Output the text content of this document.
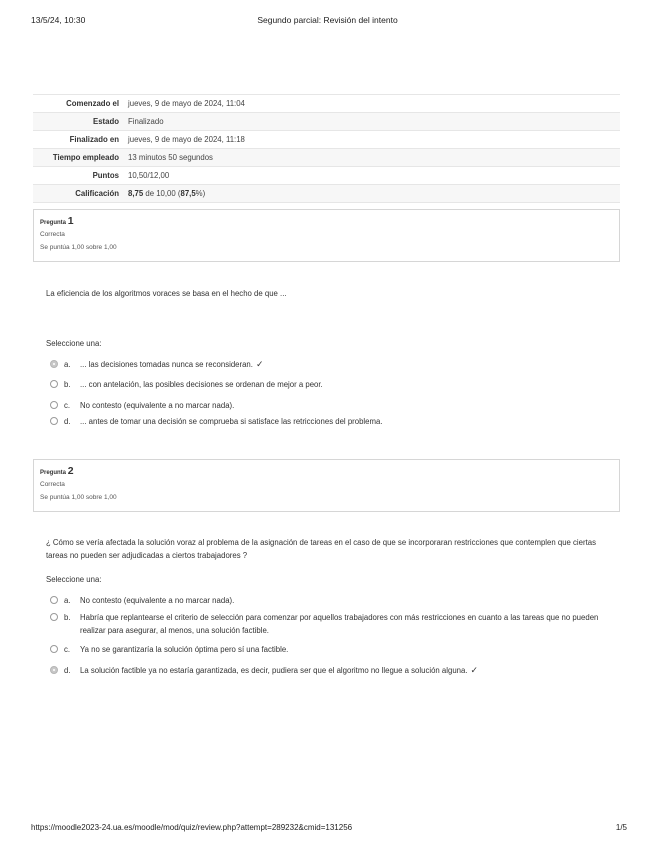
13/5/24, 10:30	Segundo parcial: Revisión del intento
https://moodle2023-24.ua.es/moodle/mod/quiz/review.php?attempt=289232&cmid=131256	1/5
Comenzado el	jueves, 9 de mayo de 2024, 11:04
Estado	Finalizado
Finalizado en	jueves, 9 de mayo de 2024, 11:18
Tiempo empleado	13 minutos 50 segundos
Puntos	10,50/12,00
Calificación	8,75 de 10,00 (87,5%)
Pregunta 1
Correcta
Se puntúa 1,00 sobre 1,00
La eficiencia de los algoritmos voraces se basa en el hecho de que ...
Seleccione una:
a. ... las decisiones tomadas nunca se reconsideran. ✓
b. ... con antelación, las posibles decisiones se ordenan de mejor a peor.
c. No contesto (equivalente a no marcar nada).
d. ... antes de tomar una decisión se comprueba si satisface las retricciones del problema.
Pregunta 2
Correcta
Se puntúa 1,00 sobre 1,00
¿ Cómo se vería afectada la solución voraz al problema de la asignación de tareas en el caso de que se incorporaran restricciones que contemplen que ciertas tareas no pueden ser adjudicadas a ciertos trabajadores ?
Seleccione una:
a. No contesto (equivalente a no marcar nada).
b. Habría que replantearse el criterio de selección para comenzar por aquellos trabajadores con más restricciones en cuanto a las tareas que no pueden realizar para asegurar, al menos, una solución factible.
c. Ya no se garantizaría la solución óptima pero sí una factible.
d. La solución factible ya no estaría garantizada, es decir, pudiera ser que el algoritmo no llegue a solución alguna. ✓
